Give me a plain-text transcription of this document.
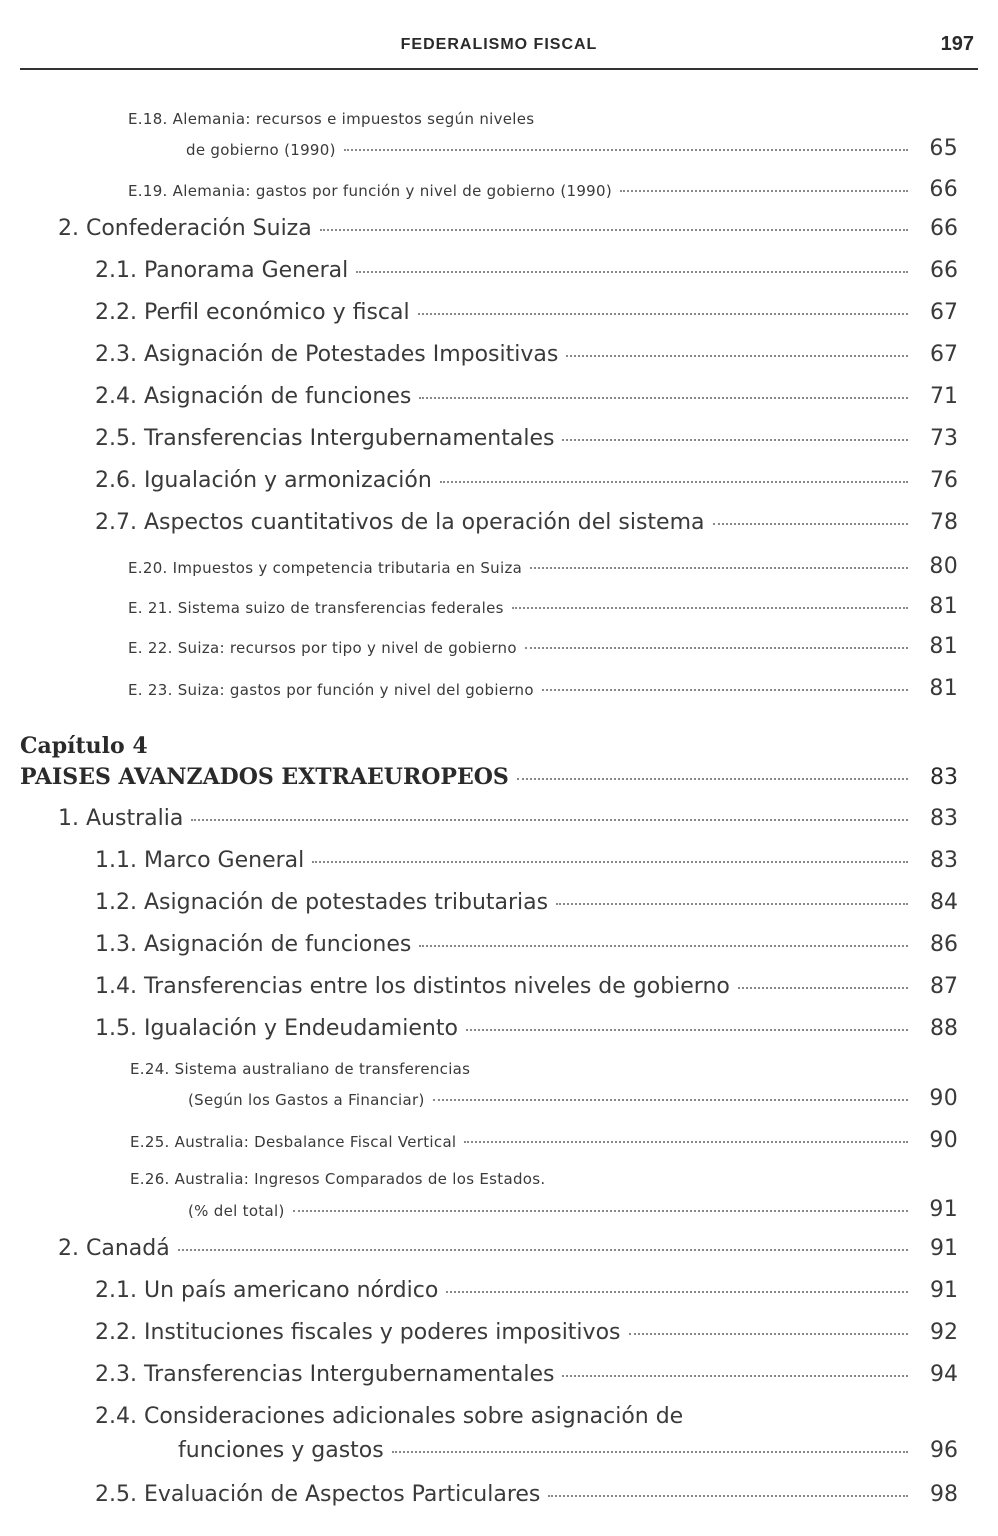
FEDERALISMO FISCAL	197
E.18. Alemania: recursos e impuestos según niveles
de gobierno (1990)	65
E.19. Alemania: gastos por función y nivel de gobierno (1990)	66
2. Confederación Suiza	66
2.1. Panorama General	66
2.2. Perfil económico y fiscal	67
2.3. Asignación de Potestades Impositivas	67
2.4. Asignación de funciones	71
2.5. Transferencias Intergubernamentales	73
2.6. Igualación y armonización	76
2.7. Aspectos cuantitativos de la operación del sistema	78
E.20. Impuestos y competencia tributaria en Suiza	80
E. 21. Sistema suizo de transferencias federales	81
E. 22. Suiza: recursos por tipo y nivel de gobierno	81
E. 23. Suiza: gastos por función y nivel del gobierno	81
Capítulo 4
PAISES AVANZADOS EXTRAEUROPEOS	83
1. Australia	83
1.1. Marco General	83
1.2. Asignación de potestades tributarias	84
1.3. Asignación de funciones	86
1.4. Transferencias entre los distintos niveles de gobierno	87
1.5. Igualación y Endeudamiento	88
E.24. Sistema australiano de transferencias
(Según los Gastos a Financiar)	90
E.25. Australia: Desbalance Fiscal Vertical	90
E.26. Australia: Ingresos Comparados de los Estados.
(% del total)	91
2. Canadá	91
2.1. Un país americano nórdico	91
2.2. Instituciones fiscales y poderes impositivos	92
2.3. Transferencias Intergubernamentales	94
2.4. Consideraciones adicionales sobre asignación de
funciones y gastos	96
2.5. Evaluación de Aspectos Particulares	98
